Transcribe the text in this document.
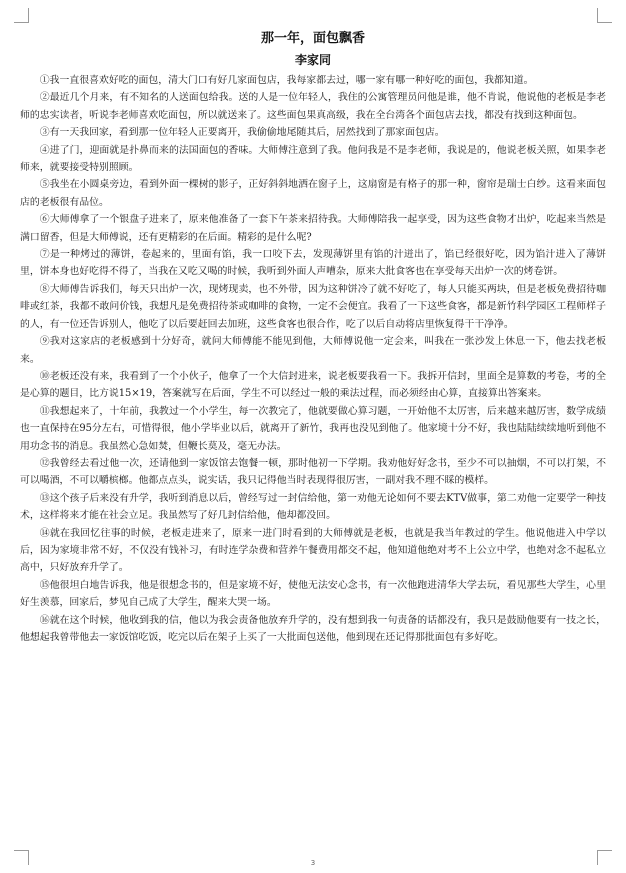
那一年，面包飘香
李家同

①我一直很喜欢好吃的面包，清大门口有好几家面包店，我每家都去过，哪一家有哪一种好吃的面包，我都知道。

②最近几个月来，有不知名的人送面包给我。送的人是一位年轻人，我住的公寓管理员问他是谁，他不肯说，他说他的老板是李老师的忠实读者，听说李老师喜欢吃面包，所以就送来了。这些面包果真高级，我在全台湾各个面包店去找，都没有找到这种面包。

③有一天我回家，看到那一位年轻人正要离开，我偷偷地尾随其后，居然找到了那家面包店。

④进了门，迎面就是扑鼻而来的法国面包的香味。大师傅注意到了我。他问我是不是李老师，我说是的，他说老板关照，如果李老师来，就要接受特别照顾。

⑤我坐在小圆桌旁边，看到外面一棵树的影子，正好斜斜地洒在窗子上，这扇窗是有格子的那一种，窗帘是瑞士白纱。这看来面包店的老板很有品位。

⑥大师傅拿了一个银盘子进来了，原来他准备了一套下午茶来招待我。大师傅陪我一起享受，因为这些食物才出炉，吃起来当然是满口留香，但是大师傅说，还有更精彩的在后面。精彩的是什么呢?

⑦是一种烤过的薄饼，卷起来的，里面有馅，我一口咬下去，发现薄饼里有馅的汁迸出了，馅已经很好吃，因为馅汁进入了薄饼里，饼本身也好吃得不得了，当我在又吃又喝的时候，我听到外面人声嘈杂，原来大批食客也在享受每天出炉一次的烤卷饼。

⑧大师傅告诉我们，每天只出炉一次，现烤现卖，也不外带，因为这种饼冷了就不好吃了，每人只能买两块，但是老板免费招待咖啡或红茶，我都不敢问价钱，我想凡是免费招待茶或咖啡的食物，一定不会便宜。我看了一下这些食客，都是新竹科学园区工程师样子的人，有一位还告诉别人，他吃了以后要赶回去加班，这些食客也很合作，吃了以后自动将店里恢复得干干净净。

⑨我对这家店的老板感到十分好奇，就问大师傅能不能见到他，大师傅说他一定会来，叫我在一张沙发上休息一下，他去找老板来。

⑩老板还没有来，我看到了一个小伙子，他拿了一个大信封进来，说老板要我看一下。我拆开信封，里面全是算数的考卷，考的全是心算的题目，比方说15×19，答案就写在后面，学生不可以经过一般的乘法过程，而必须经由心算，直接算出答案来。

⑪我想起来了，十年前，我教过一个小学生，每一次教完了，他就要做心算习题，一开始他不太厉害，后来越来越厉害，数学成绩也一直保持在95分左右，可惜得很，他小学毕业以后，就离开了新竹，我再也没见到他了。他家境十分不好，我也陆陆续续地听到他不用功念书的消息。我虽然心急如焚，但鞭长莫及，毫无办法。

⑫我曾经去看过他一次，还请他到一家饭馆去饱餐一顿，那时他初一下学期。我劝他好好念书，至少不可以抽烟，不可以打架，不可以喝酒，不可以嚼槟榔。他都点点头，说实话，我只记得他当时表现得很厉害，一副对我不理不睬的模样。

⑬这个孩子后来没有升学，我听到消息以后，曾经写过一封信给他，第一劝他无论如何不要去KTV做事，第二劝他一定要学一种技术，这样将来才能在社会立足。我虽然写了好几封信给他，他却都没回。

⑭就在我回忆往事的时候，老板走进来了，原来一进门时看到的大师傅就是老板，也就是我当年教过的学生。他说他进入中学以后，因为家境非常不好，不仅没有钱补习，有时连学杂费和营养午餐费用都交不起，他知道他绝对考不上公立中学，也绝对念不起私立高中，只好放弃升学了。

⑮他很坦白地告诉我，他是很想念书的，但是家境不好，使他无法安心念书，有一次他跑进清华大学去玩，看见那些大学生，心里好生羡慕，回家后，梦见自己成了大学生，醒来大哭一场。

⑯就在这个时候，他收到我的信，他以为我会责备他放弃升学的，没有想到我一句责备的话都没有，我只是鼓励他要有一技之长，他想起我曾带他去一家饭馆吃饭，吃完以后在架子上买了一大批面包送他，他到现在还记得那批面包有多好吃。

3
